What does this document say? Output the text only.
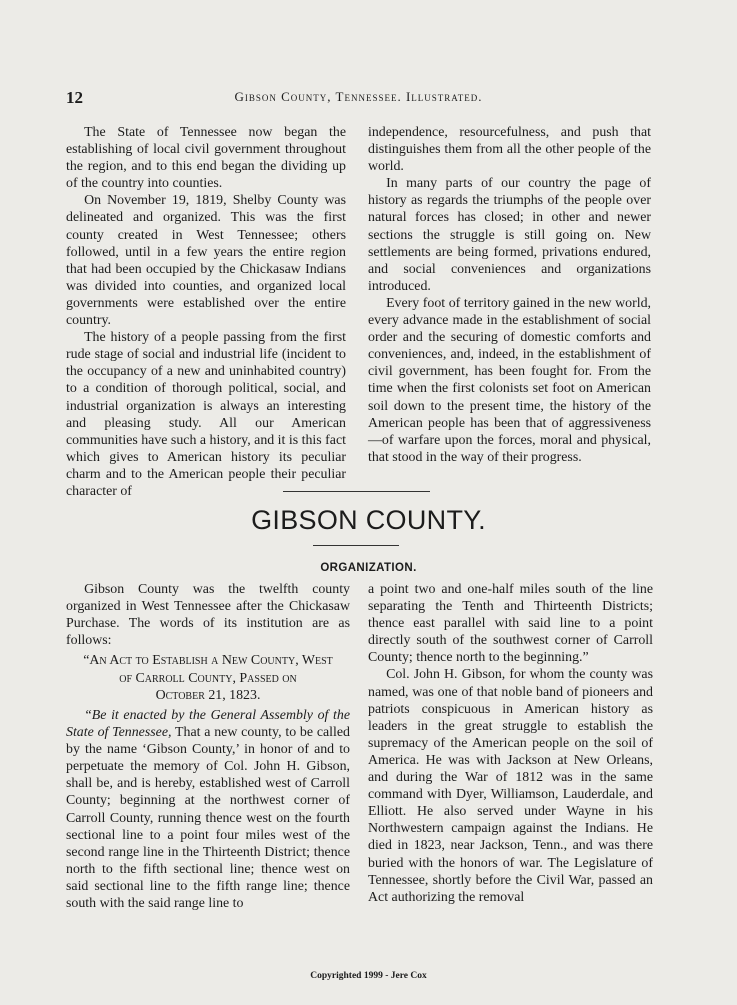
12	Gibson County, Tennessee. Illustrated.

The State of Tennessee now began the establishing of local civil government throughout the region, and to this end began the dividing up of the country into counties.

On November 19, 1819, Shelby County was delineated and organized. This was the first county created in West Tennessee; others followed, until in a few years the entire region that had been occupied by the Chickasaw Indians was divided into counties, and organized local governments were established over the entire country.

The history of a people passing from the first rude stage of social and industrial life (incident to the occupancy of a new and uninhabited country) to a condition of thorough political, social, and industrial organization is always an interesting and pleasing study. All our American communities have such a history, and it is this fact which gives to American history its peculiar charm and to the American people their peculiar character of

independence, resourcefulness, and push that distinguishes them from all the other people of the world.

In many parts of our country the page of history as regards the triumphs of the people over natural forces has closed; in other and newer sections the struggle is still going on. New settlements are being formed, privations endured, and social conveniences and organizations introduced.

Every foot of territory gained in the new world, every advance made in the establishment of social order and the securing of domestic comforts and conveniences, and, indeed, in the establishment of civil government, has been fought for. From the time when the first colonists set foot on American soil down to the present time, the history of the American people has been that of aggressiveness—of warfare upon the forces, moral and physical, that stood in the way of their progress.

GIBSON COUNTY.
ORGANIZATION.

Gibson County was the twelfth county organized in West Tennessee after the Chickasaw Purchase. The words of its institution are as follows:

“An Act to Establish a New County, West
of Carroll County, Passed on
October 21, 1823.

“Be it enacted by the General Assembly of the State of Tennessee, That a new county, to be called by the name ‘Gibson County,’ in honor of and to perpetuate the memory of Col. John H. Gibson, shall be, and is hereby, established west of Carroll County; beginning at the northwest corner of Carroll County, running thence west on the fourth sectional line to a point four miles west of the second range line in the Thirteenth District; thence north to the fifth sectional line; thence west on said sectional line to the fifth range line; thence south with the said range line to

a point two and one-half miles south of the line separating the Tenth and Thirteenth Districts; thence east parallel with said line to a point directly south of the southwest corner of Carroll County; thence north to the beginning.”

Col. John H. Gibson, for whom the county was named, was one of that noble band of pioneers and patriots conspicuous in American history as leaders in the great struggle to establish the supremacy of the American people on the soil of America. He was with Jackson at New Orleans, and during the War of 1812 was in the same command with Dyer, Williamson, Lauderdale, and Elliott. He also served under Wayne in his Northwestern campaign against the Indians. He died in 1823, near Jackson, Tenn., and was there buried with the honors of war. The Legislature of Tennessee, shortly before the Civil War, passed an Act authorizing the removal

Copyrighted 1999 - Jere Cox
